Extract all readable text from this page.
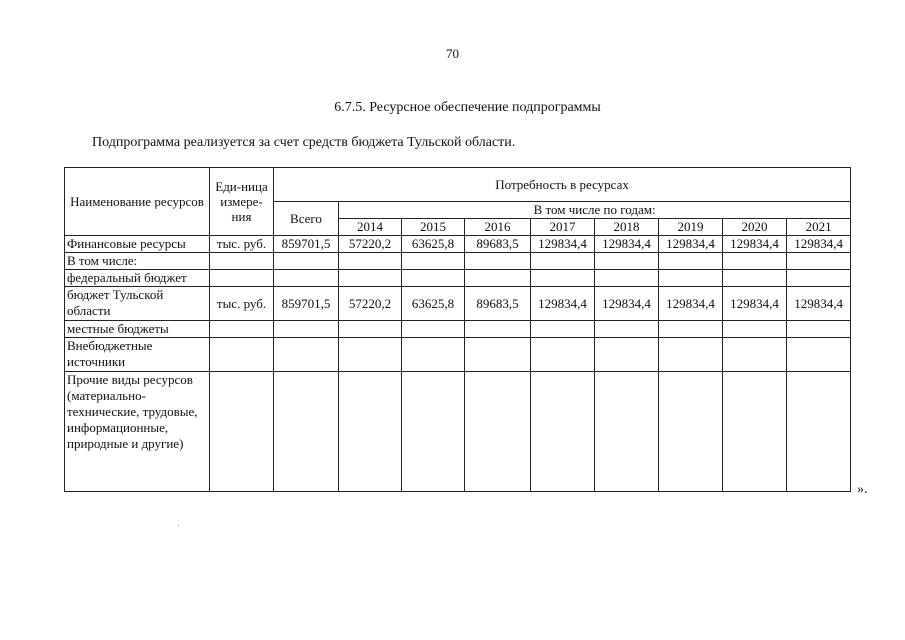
70
6.7.5. Ресурсное обеспечение подпрограммы
Подпрограмма реализуется за счет средств бюджета Тульской области.
Наименование ресурсов	Еди-ница измере-ния	Потребность в ресурсах								
		Всего	В том числе по годам:							
			2014	2015	2016	2017	2018	2019	2020	2021
Финансовые ресурсы	тыс. руб.	859701,5	57220,2	63625,8	89683,5	129834,4	129834,4	129834,4	129834,4	129834,4
В том числе:										
федеральный бюджет										
бюджет Тульской области	тыс. руб.	859701,5	57220,2	63625,8	89683,5	129834,4	129834,4	129834,4	129834,4	129834,4
местные бюджеты										
Внебюджетные источники										
Прочие виды ресурсов (материально-технические, трудовые, информационные, природные и другие)										
».
'
